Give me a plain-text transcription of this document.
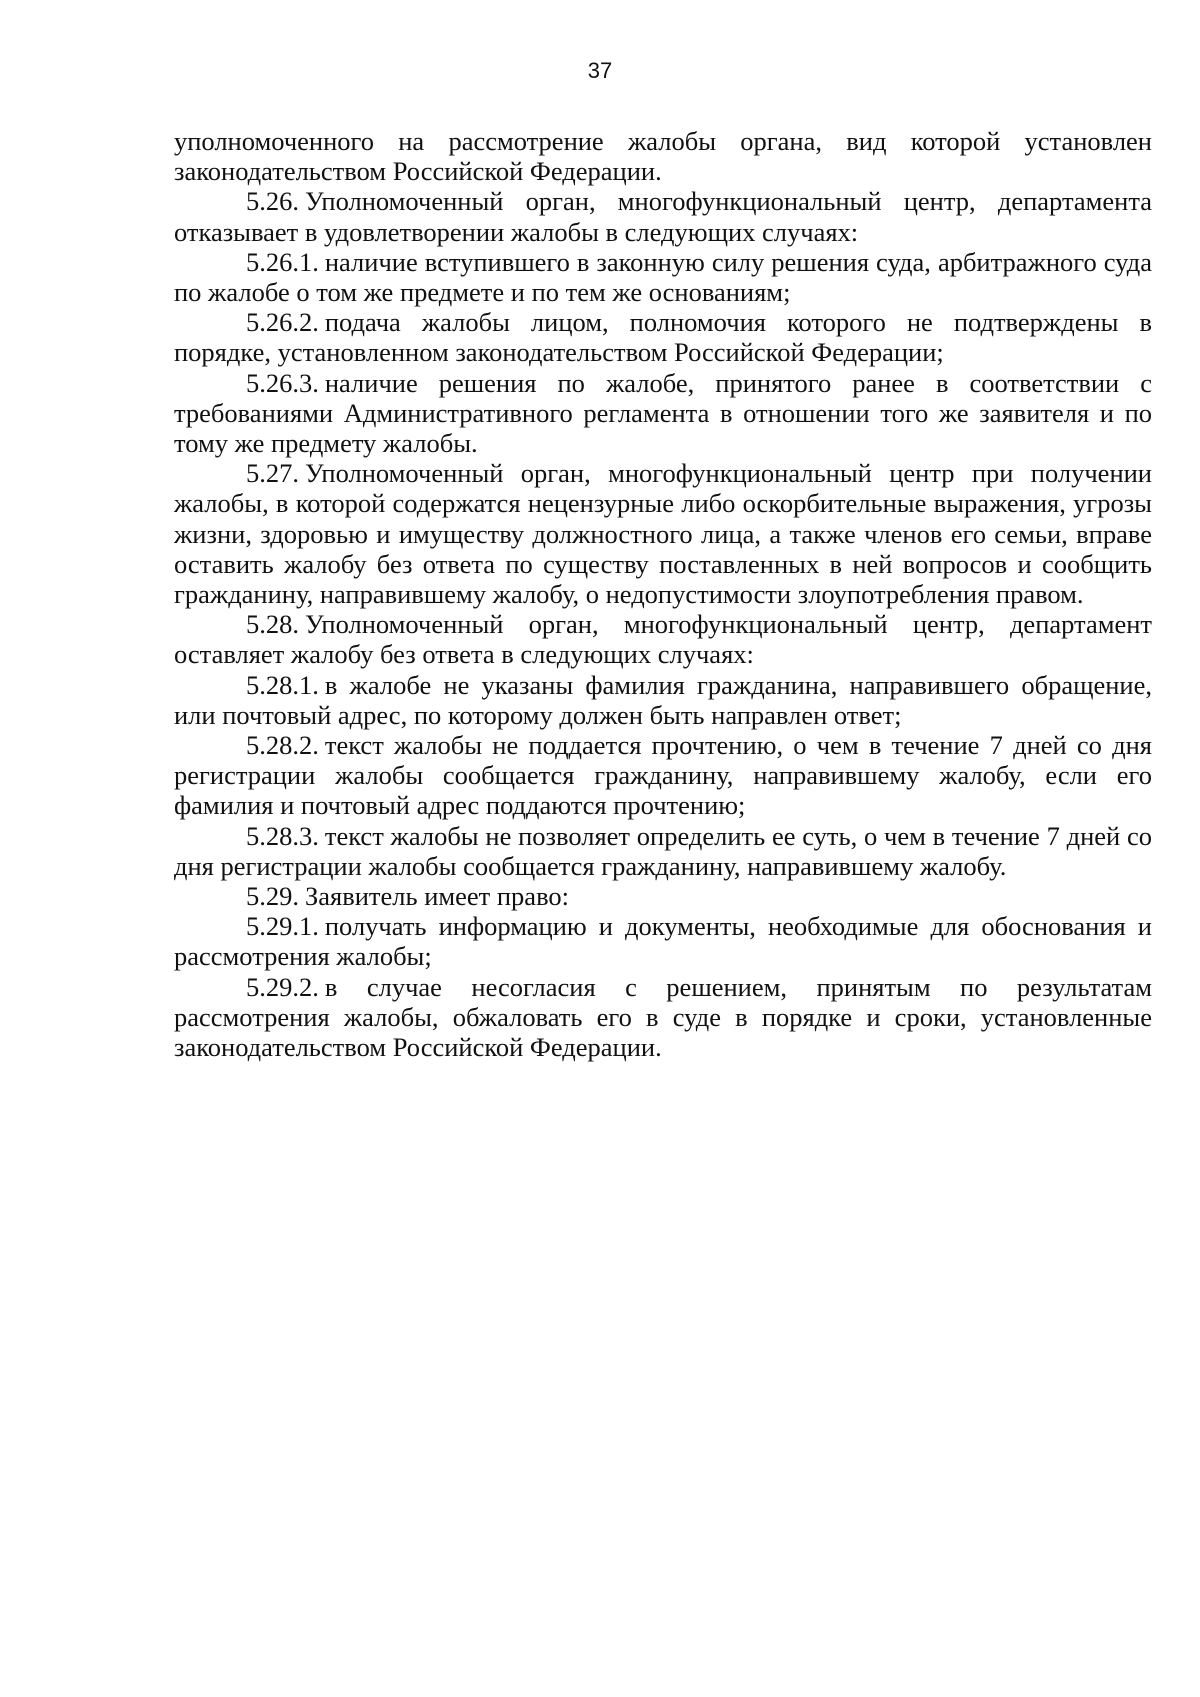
37

уполномоченного на рассмотрение жалобы органа, вид которой установлен законодательством Российской Федерации.

5.26. Уполномоченный орган, многофункциональный центр, департамента отказывает в удовлетворении жалобы в следующих случаях:

5.26.1. наличие вступившего в законную силу решения суда, арбитражного суда по жалобе о том же предмете и по тем же основаниям;

5.26.2. подача жалобы лицом, полномочия которого не подтверждены в порядке, установленном законодательством Российской Федерации;

5.26.3. наличие решения по жалобе, принятого ранее в соответствии с требованиями Административного регламента в отношении того же заявителя и по тому же предмету жалобы.

5.27. Уполномоченный орган, многофункциональный центр при получении жалобы, в которой содержатся нецензурные либо оскорбительные выражения, угрозы жизни, здоровью и имуществу должностного лица, а также членов его семьи, вправе оставить жалобу без ответа по существу поставленных в ней вопросов и сообщить гражданину, направившему жалобу, о недопустимости злоупотребления правом.

5.28. Уполномоченный орган, многофункциональный центр, департамент оставляет жалобу без ответа в следующих случаях:

5.28.1. в жалобе не указаны фамилия гражданина, направившего обращение, или почтовый адрес, по которому должен быть направлен ответ;

5.28.2. текст жалобы не поддается прочтению, о чем в течение 7 дней со дня регистрации жалобы сообщается гражданину, направившему жалобу, если его фамилия и почтовый адрес поддаются прочтению;

5.28.3. текст жалобы не позволяет определить ее суть, о чем в течение 7 дней со дня регистрации жалобы сообщается гражданину, направившему жалобу.

5.29. Заявитель имеет право:

5.29.1. получать информацию и документы, необходимые для обоснования и рассмотрения жалобы;

5.29.2. в случае несогласия с решением, принятым по результатам рассмотрения жалобы, обжаловать его в суде в порядке и сроки, установленные законодательством Российской Федерации.
